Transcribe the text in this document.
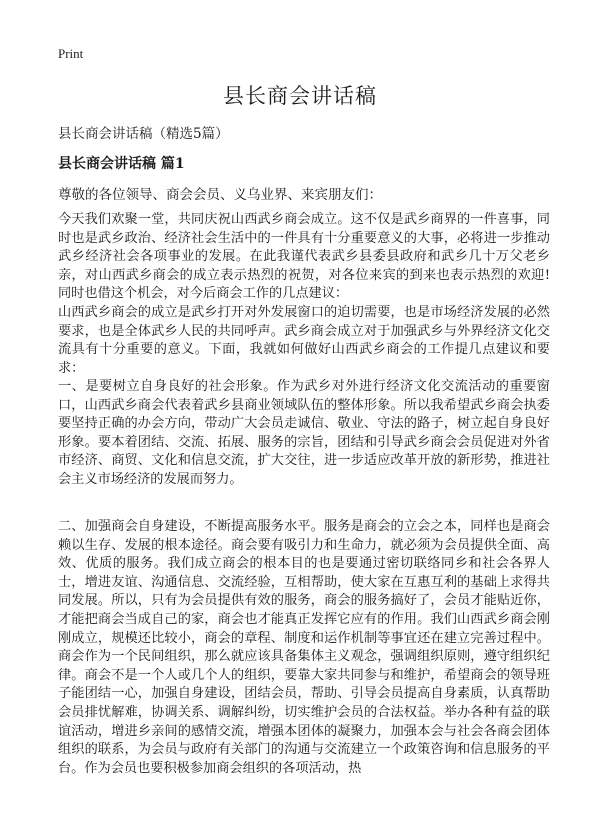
Print
县长商会讲话稿

县长商会讲话稿（精选5篇）

县长商会讲话稿 篇1

尊敬的各位领导、商会会员、义乌业界、来宾朋友们：

今天我们欢聚一堂，共同庆祝山西武乡商会成立。这不仅是武乡商界的一件喜事，同时也是武乡政治、经济社会生活中的一件具有十分重要意义的大事，必将进一步推动武乡经济社会各项事业的发展。在此我谨代表武乡县委县政府和武乡几十万父老乡亲，对山西武乡商会的成立表示热烈的祝贺，对各位来宾的到来也表示热烈的欢迎!同时也借这个机会，对今后商会工作的几点建议：

山西武乡商会的成立是武乡打开对外发展窗口的迫切需要，也是市场经济发展的必然要求，也是全体武乡人民的共同呼声。武乡商会成立对于加强武乡与外界经济文化交流具有十分重要的意义。下面，我就如何做好山西武乡商会的工作提几点建议和要求：

一、是要树立自身良好的社会形象。作为武乡对外进行经济文化交流活动的重要窗口，山西武乡商会代表着武乡县商业领域队伍的整体形象。所以我希望武乡商会执委要坚持正确的办会方向，带动广大会员走诚信、敬业、守法的路子，树立起自身良好形象。要本着团结、交流、拓展、服务的宗旨，团结和引导武乡商会会员促进对外省市经济、商贸、文化和信息交流，扩大交往，进一步适应改革开放的新形势，推进社会主义市场经济的发展而努力。

二、加强商会自身建设，不断提高服务水平。服务是商会的立会之本，同样也是商会赖以生存、发展的根本途径。商会要有吸引力和生命力，就必须为会员提供全面、高效、优质的服务。我们成立商会的根本目的也是要通过密切联络同乡和社会各界人士，增进友谊、沟通信息、交流经验，互相帮助，使大家在互惠互利的基础上求得共同发展。所以，只有为会员提供有效的服务，商会的服务搞好了，会员才能贴近你，才能把商会当成自己的家，商会也才能真正发挥它应有的作用。我们山西武乡商会刚刚成立，规模还比较小，商会的章程、制度和运作机制等事宜还在建立完善过程中。商会作为一个民间组织，那么就应该具备集体主义观念，强调组织原则，遵守组织纪律。商会不是一个人或几个人的组织，要靠大家共同参与和维护，希望商会的领导班子能团结一心，加强自身建设，团结会员，帮助、引导会员提高自身素质，认真帮助会员排忧解难，协调关系、调解纠纷，切实维护会员的合法权益。举办各种有益的联谊活动，增进乡亲间的感情交流，增强本团体的凝聚力，加强本会与社会各商会团体组织的联系，为会员与政府有关部门的沟通与交流建立一个政策咨询和信息服务的平台。作为会员也要积极参加商会组织的各项活动，热
